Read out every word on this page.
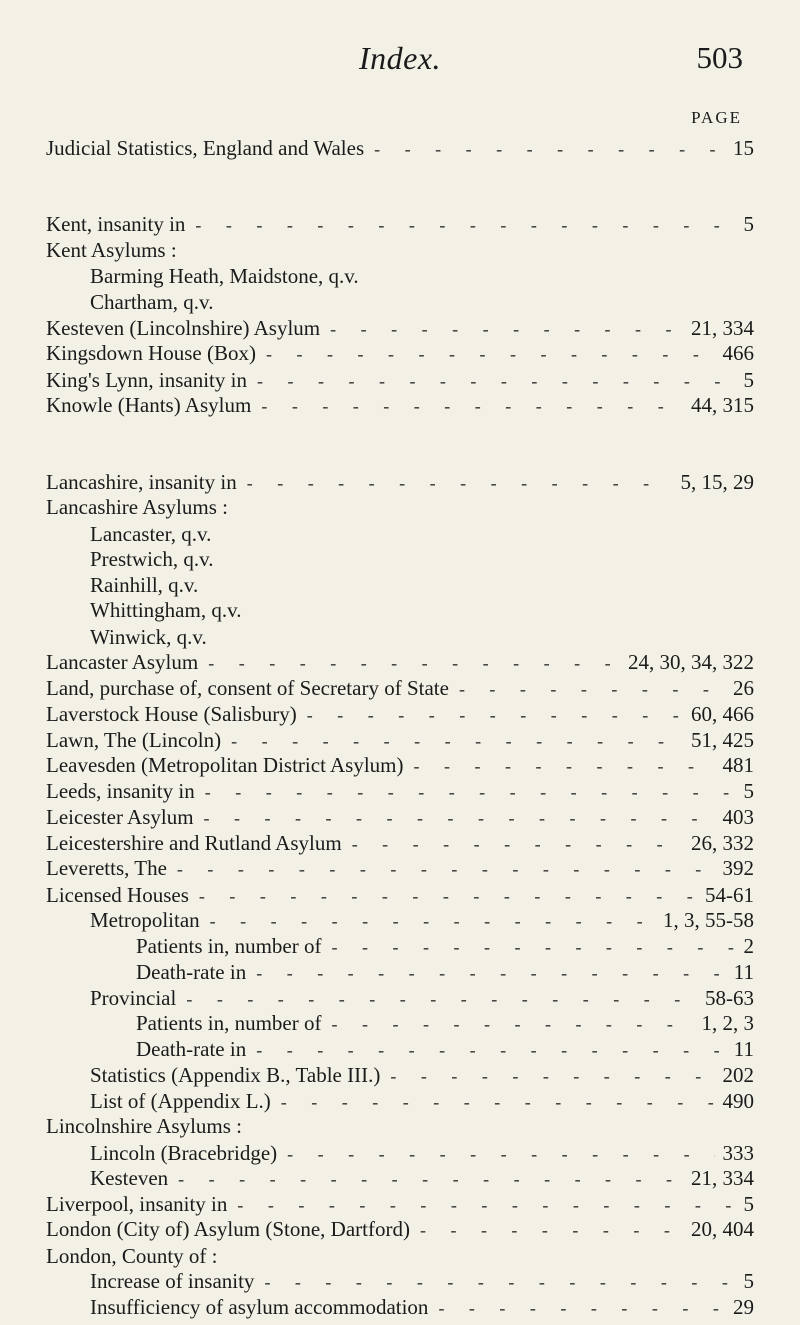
Index.	503
PAGE
Judicial Statistics, England and Wales - - -	15
Kent, insanity in - - -	5
Kent Asylums :
Barming Heath, Maidstone, q.v.
Chartham, q.v.
Kesteven (Lincolnshire) Asylum - - -	21, 334
Kingsdown House (Box) - - -	466
King's Lynn, insanity in - - -	5
Knowle (Hants) Asylum - - -	44, 315
Lancashire, insanity in - - -	5, 15, 29
Lancashire Asylums :
Lancaster, q.v.
Prestwich, q.v.
Rainhill, q.v.
Whittingham, q.v.
Winwick, q.v.
Lancaster Asylum - - -	24, 30, 34, 322
Land, purchase of, consent of Secretary of State - - -	26
Laverstock House (Salisbury) - - -	60, 466
Lawn, The (Lincoln) - - -	51, 425
Leavesden (Metropolitan District Asylum) - - -	481
Leeds, insanity in - - -	5
Leicester Asylum - - -	403
Leicestershire and Rutland Asylum - - -	26, 332
Leveretts, The - - -	392
Licensed Houses - - -	54-61
Metropolitan - - -	1, 3, 55-58
Patients in, number of - - -	2
Death-rate in - - -	11
Provincial - - -	58-63
Patients in, number of - - -	1, 2, 3
Death-rate in - - -	11
Statistics (Appendix B., Table III.) - - -	202
List of (Appendix L.) - - -	490
Lincolnshire Asylums :
Lincoln (Bracebridge) - - -	333
Kesteven - - -	21, 334
Liverpool, insanity in - - -	5
London (City of) Asylum (Stone, Dartford) - - -	20, 404
London, County of :
Increase of insanity - - -	5
Insufficiency of asylum accommodation - - -	29
